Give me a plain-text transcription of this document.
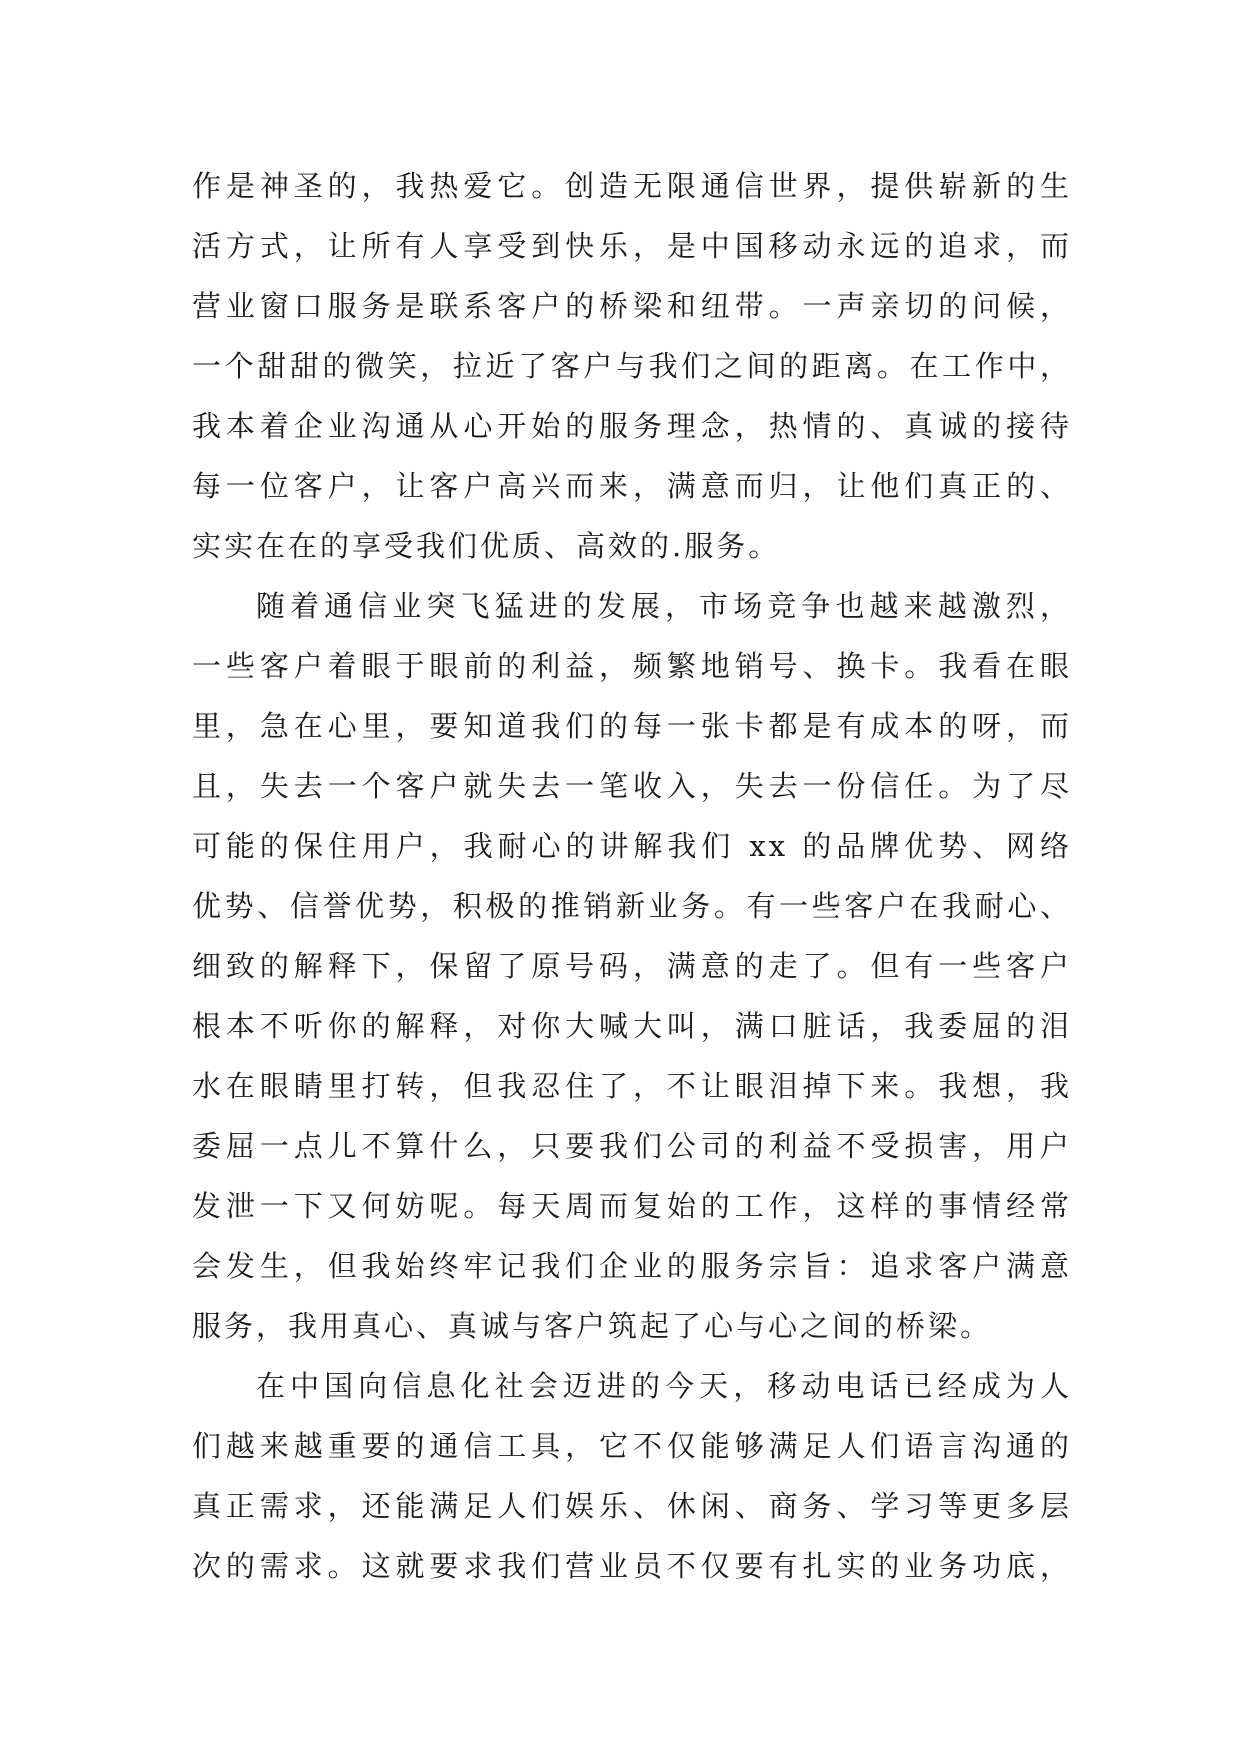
作是神圣的，我热爱它。创造无限通信世界，提供崭新的生
活方式，让所有人享受到快乐，是中国移动永远的追求，而
营业窗口服务是联系客户的桥梁和纽带。一声亲切的问候，
一个甜甜的微笑，拉近了客户与我们之间的距离。在工作中，
我本着企业沟通从心开始的服务理念，热情的、真诚的接待
每一位客户，让客户高兴而来，满意而归，让他们真正的、
实实在在的享受我们优质、高效的.服务。
随着通信业突飞猛进的发展，市场竞争也越来越激烈，
一些客户着眼于眼前的利益，频繁地销号、换卡。我看在眼
里，急在心里，要知道我们的每一张卡都是有成本的呀，而
且，失去一个客户就失去一笔收入，失去一份信任。为了尽
可能的保住用户，我耐心的讲解我们 xx 的品牌优势、网络
优势、信誉优势，积极的推销新业务。有一些客户在我耐心、
细致的解释下，保留了原号码，满意的走了。但有一些客户
根本不听你的解释，对你大喊大叫，满口脏话，我委屈的泪
水在眼睛里打转，但我忍住了，不让眼泪掉下来。我想，我
委屈一点儿不算什么，只要我们公司的利益不受损害，用户
发泄一下又何妨呢。每天周而复始的工作，这样的事情经常
会发生，但我始终牢记我们企业的服务宗旨：追求客户满意
服务，我用真心、真诚与客户筑起了心与心之间的桥梁。
在中国向信息化社会迈进的今天，移动电话已经成为人
们越来越重要的通信工具，它不仅能够满足人们语言沟通的
真正需求，还能满足人们娱乐、休闲、商务、学习等更多层
次的需求。这就要求我们营业员不仅要有扎实的业务功底，
